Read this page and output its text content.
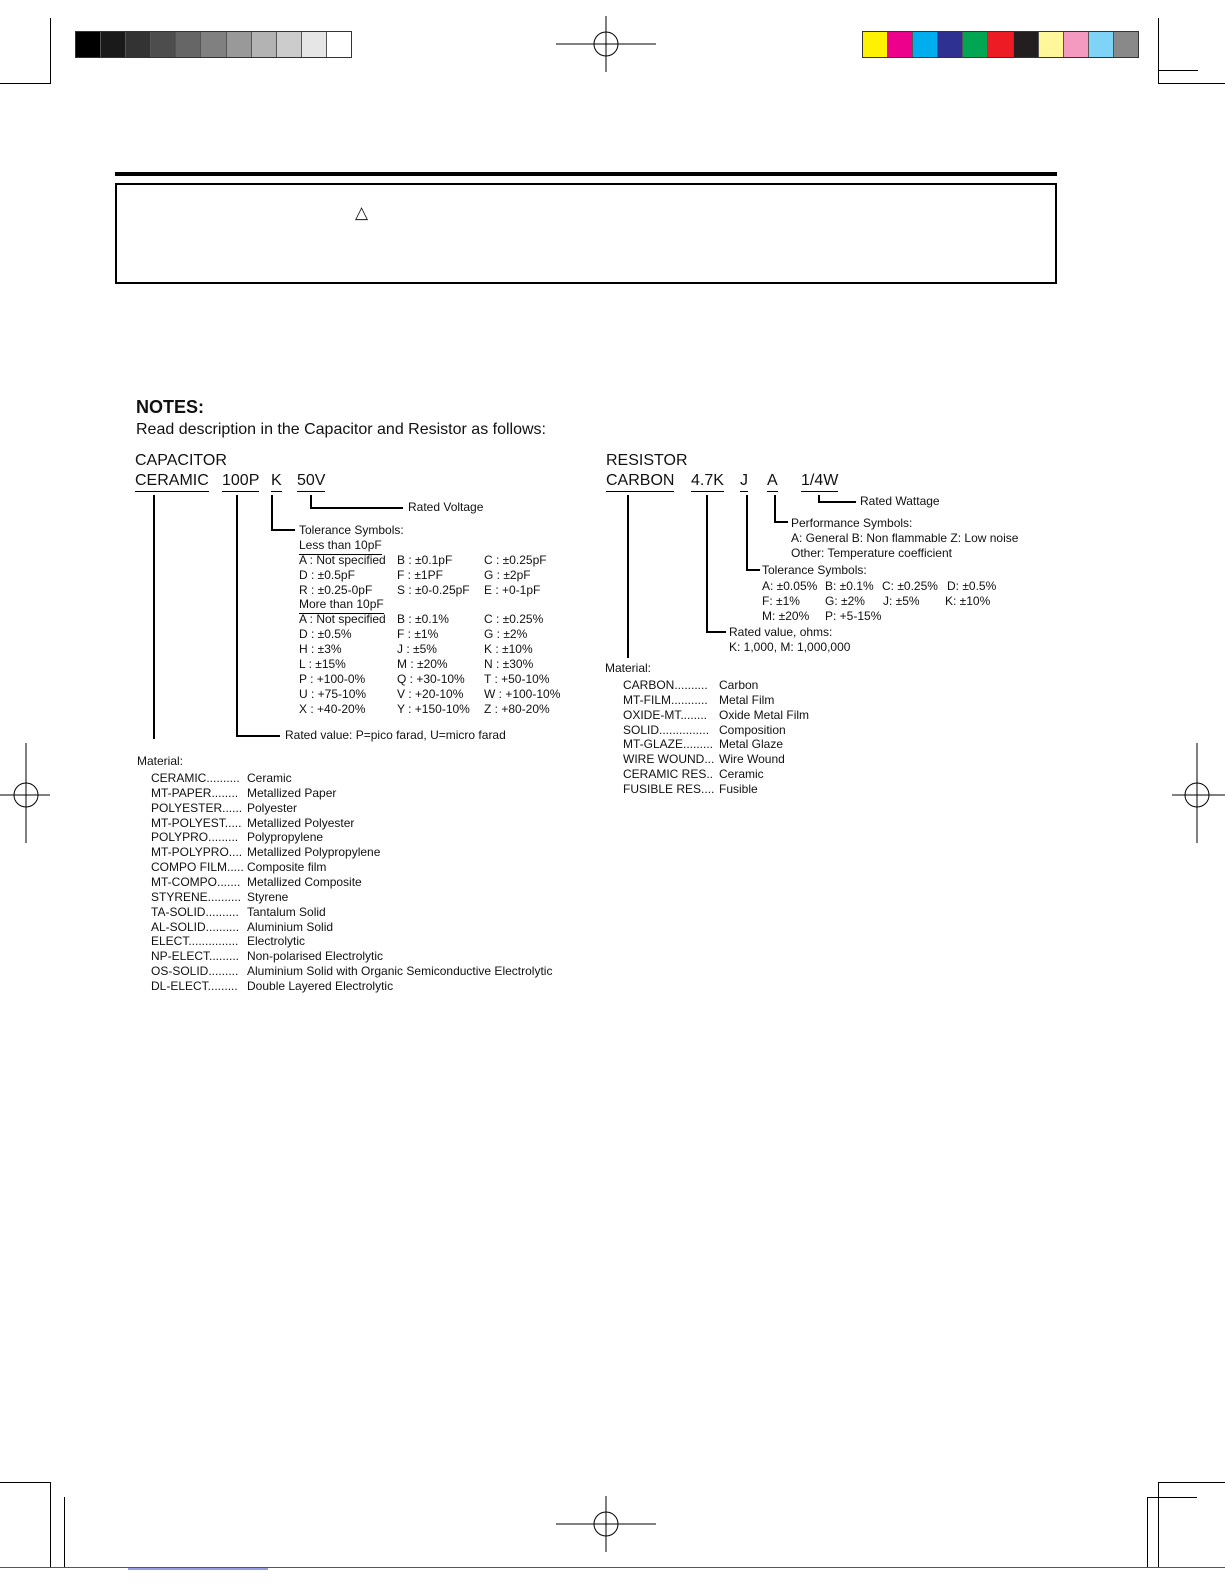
△
NOTES:
Read description in the Capacitor and Resistor as follows:
CAPACITOR
CERAMIC 100P K 50V
Rated Voltage
Tolerance Symbols:
Less than 10pF
A : Not specified B : ±0.1pF	C : ±0.25pF
D : ±0.5pF	F : ±1PF	G : ±2pF
R : ±0.25-0pF S : ±0-0.25pF E : +0-1pF
More than 10pF
A : Not specified B : ±0.1%	C : ±0.25%
D : ±0.5%	F : ±1%	G : ±2%
H : ±3%	J : ±5%	K : ±10%
L : ±15%	M : ±20%	N : ±30%
P : +100-0%	Q : +30-10% T : +50-10%
U : +75-10%	V : +20-10% W : +100-10%
X : +40-20%	Y : +150-10% Z : +80-20%
Rated value: P=pico farad, U=micro farad
Material:
CERAMIC.......... Ceramic
MT-PAPER........ Metallized Paper
POLYESTER...... Polyester
MT-POLYEST..... Metallized Polyester
POLYPRO......... Polypropylene
MT-POLYPRO.... Metallized Polypropylene
COMPO FILM..... Composite film
MT-COMPO....... Metallized Composite
STYRENE.......... Styrene
TA-SOLID.......... Tantalum Solid
AL-SOLID.......... Aluminium Solid
ELECT............... Electrolytic
NP-ELECT......... Non-polarised Electrolytic
OS-SOLID......... Aluminium Solid with Organic Semiconductive Electrolytic
DL-ELECT......... Double Layered Electrolytic
RESISTOR
CARBON 4.7K J A 1/4W
Rated Wattage
Performance Symbols:
A: General B: Non flammable Z: Low noise
Other: Temperature coefficient
Tolerance Symbols:
A: ±0.05% B: ±0.1% C: ±0.25% D: ±0.5%
F: ±1% G: ±2% J: ±5% K: ±10%
M: ±20% P: +5-15%
Rated value, ohms:
K: 1,000, M: 1,000,000
Material:
CARBON.......... Carbon
MT-FILM........... Metal Film
OXIDE-MT........ Oxide Metal Film
SOLID............... Composition
MT-GLAZE......... Metal Glaze
WIRE WOUND... Wire Wound
CERAMIC RES.. Ceramic
FUSIBLE RES.... Fusible
